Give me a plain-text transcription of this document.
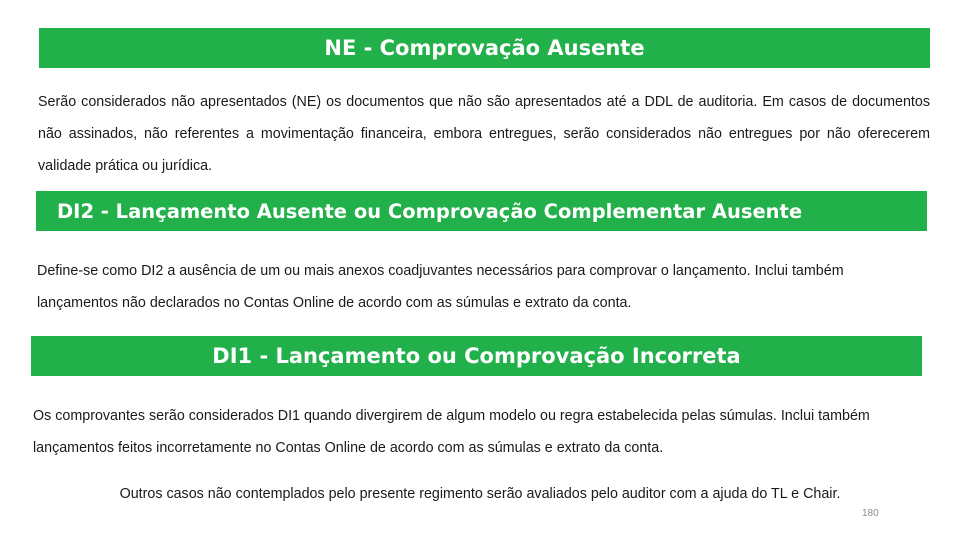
NE - Comprovação Ausente

Serão considerados não apresentados (NE) os documentos que não são apresentados até a DDL de auditoria. Em casos de documentos não assinados, não referentes a movimentação financeira, embora entregues, serão considerados não entregues por não oferecerem validade prática ou jurídica.

DI2 - Lançamento Ausente ou Comprovação Complementar Ausente

Define-se como DI2 a ausência de um ou mais anexos coadjuvantes necessários para comprovar o lançamento. Inclui também lançamentos não declarados no Contas Online de acordo com as súmulas e extrato da conta.

DI1 - Lançamento ou Comprovação Incorreta

Os comprovantes serão considerados DI1 quando divergirem de algum modelo ou regra estabelecida pelas súmulas. Inclui também lançamentos feitos incorretamente no Contas Online de acordo com as súmulas e extrato da conta.

Outros casos não contemplados pelo presente regimento serão avaliados pelo auditor com a ajuda do TL e Chair.

180
